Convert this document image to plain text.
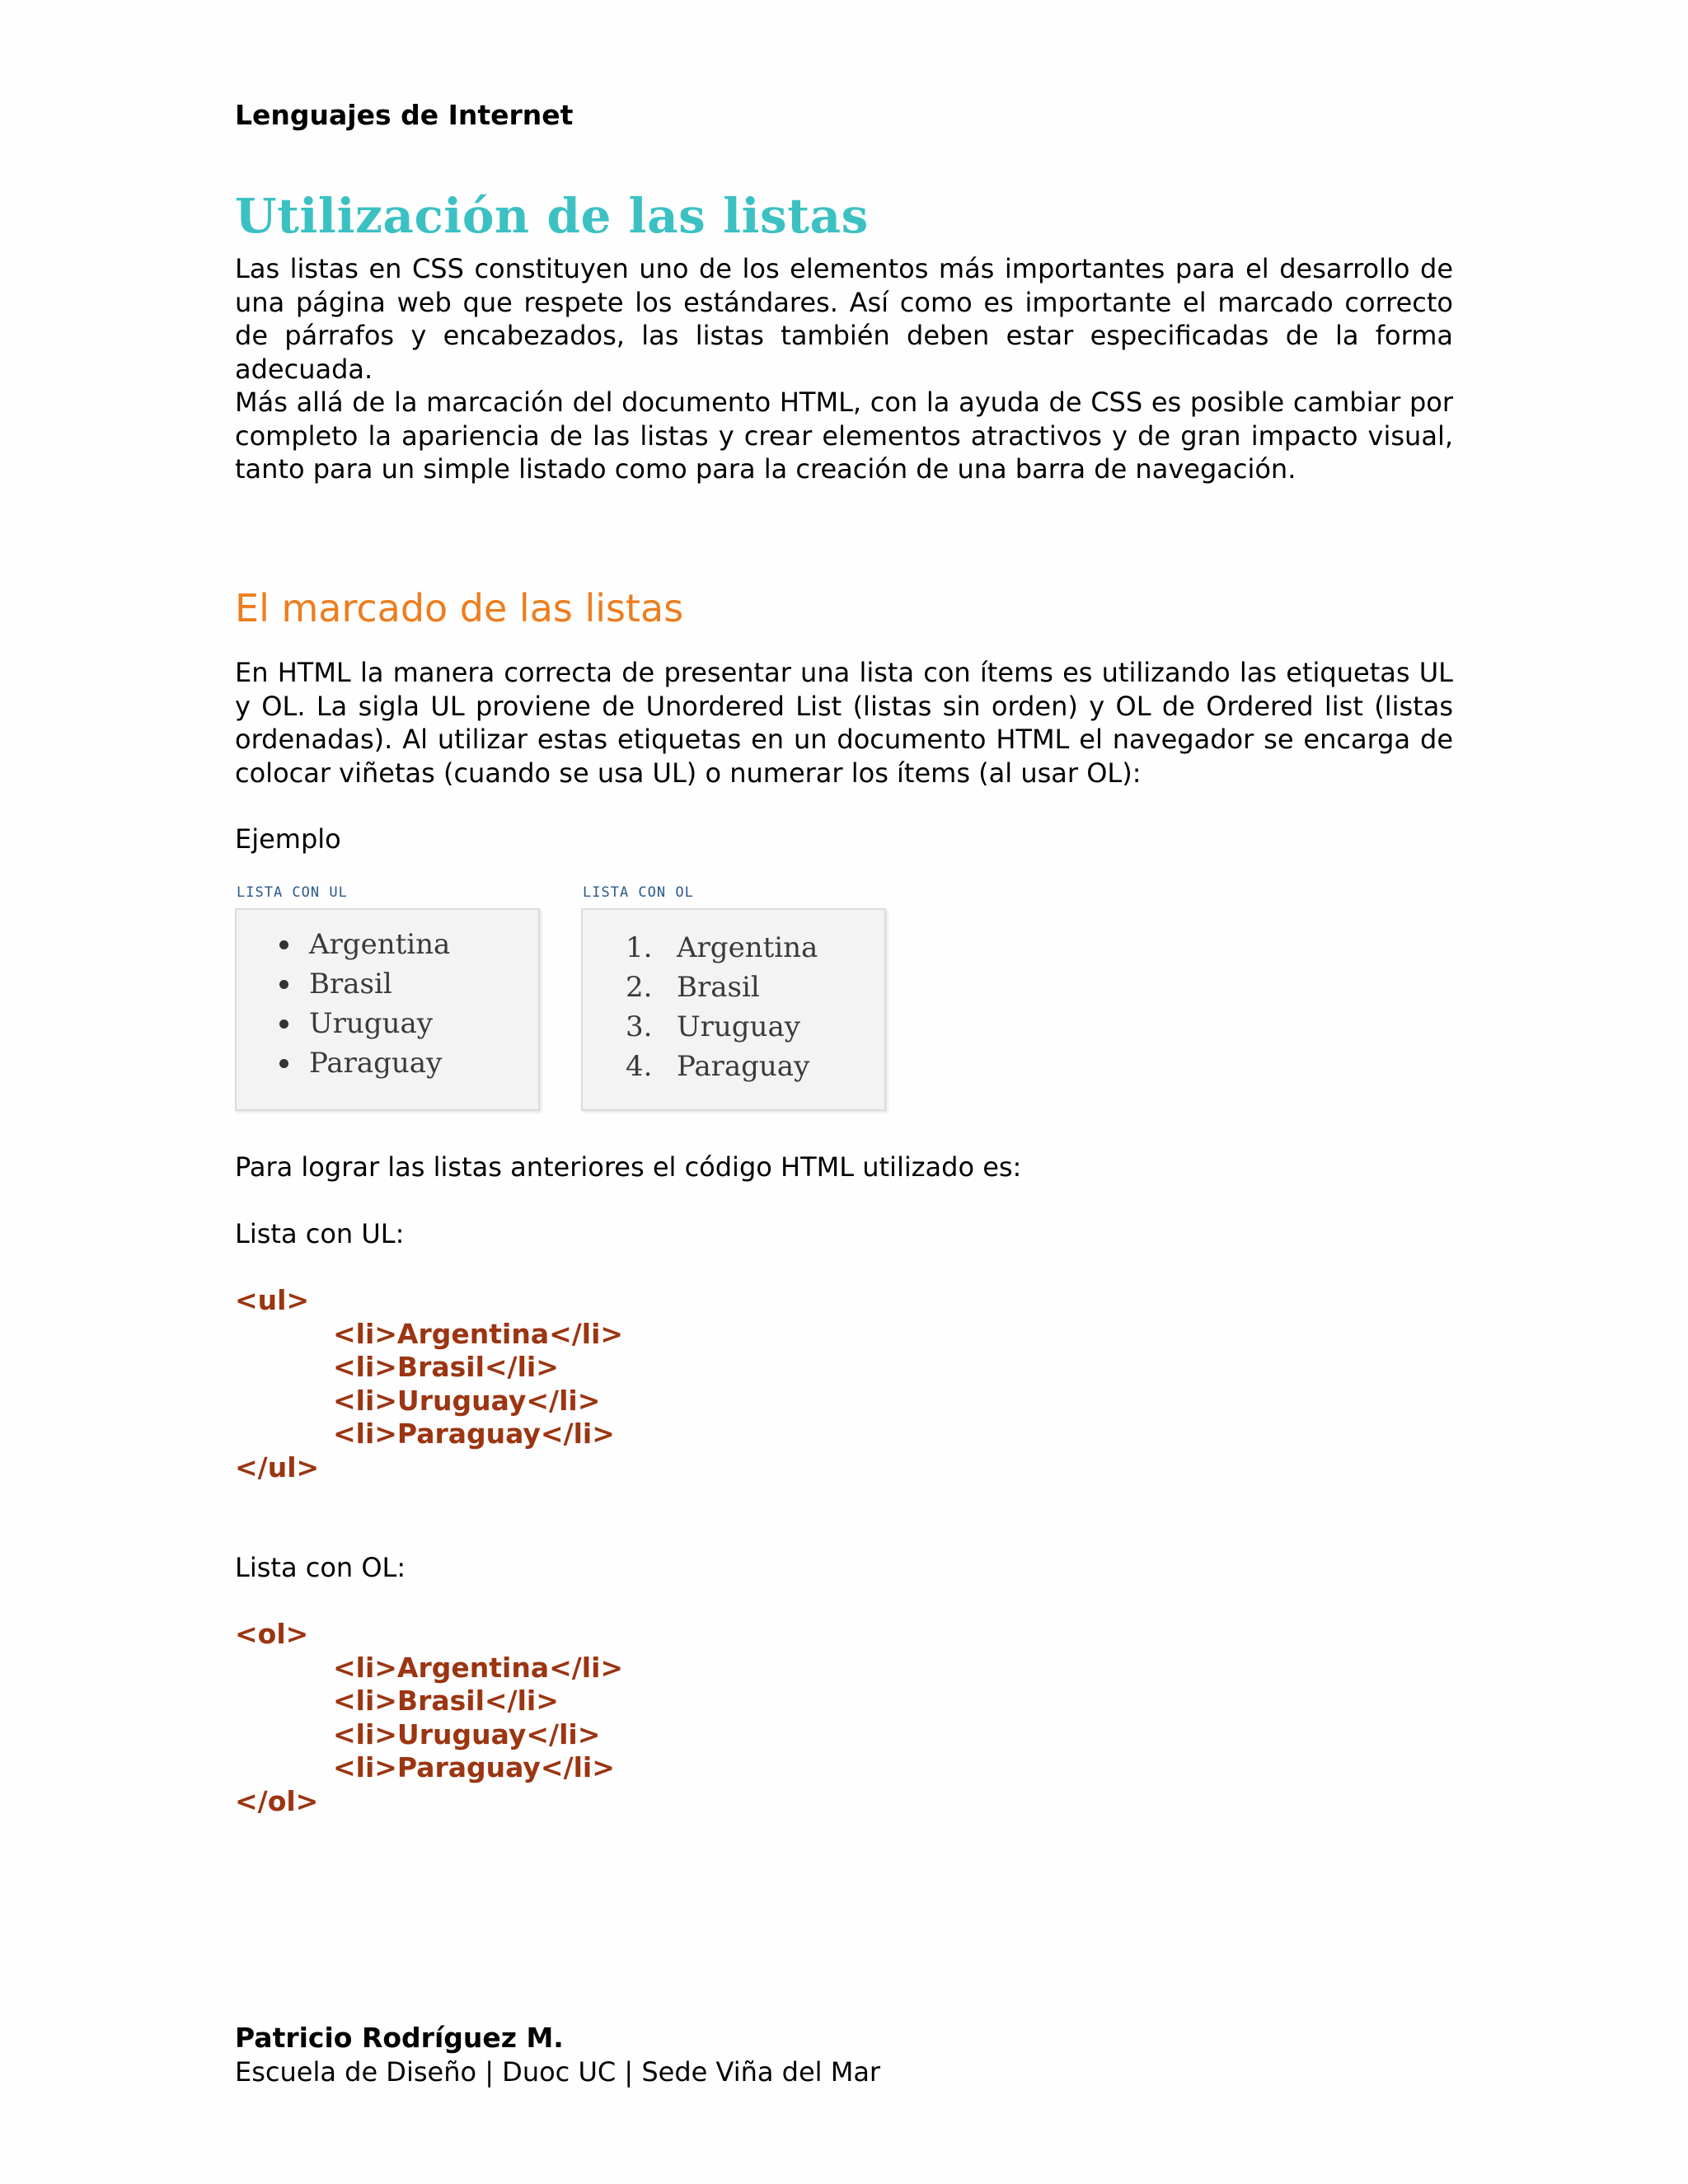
Lenguajes de Internet
Utilización de las listas

Las listas en CSS constituyen uno de los elementos más importantes para el desarrollo de una página web que respete los estándares. Así como es importante el marcado correcto de párrafos y encabezados, las listas también deben estar especificadas de la forma adecuada.

Más allá de la marcación del documento HTML, con la ayuda de CSS es posible cambiar por completo la apariencia de las listas y crear elementos atractivos y de gran impacto visual, tanto para un simple listado como para la creación de una barra de navegación.

El marcado de las listas

En HTML la manera correcta de presentar una lista con ítems es utilizando las etiquetas UL y OL. La sigla UL proviene de Unordered List (listas sin orden) y OL de Ordered list (listas ordenadas). Al utilizar estas etiquetas en un documento HTML el navegador se encarga de colocar viñetas (cuando se usa UL) o numerar los ítems (al usar OL):

Ejemplo
LISTA CON UL
Argentina
Brasil
Uruguay
Paraguay
LISTA CON OL
1. Argentina
2. Brasil
3. Uruguay
4. Paraguay
Para lograr las listas anteriores el código HTML utilizado es:
Lista con UL:
<ul>
<li>Argentina</li>
<li>Brasil</li>
<li>Uruguay</li>
<li>Paraguay</li>
</ul>
Lista con OL:
<ol>
<li>Argentina</li>
<li>Brasil</li>
<li>Uruguay</li>
<li>Paraguay</li>
</ol>
Patricio Rodríguez M.
Escuela de Diseño | Duoc UC | Sede Viña del Mar
